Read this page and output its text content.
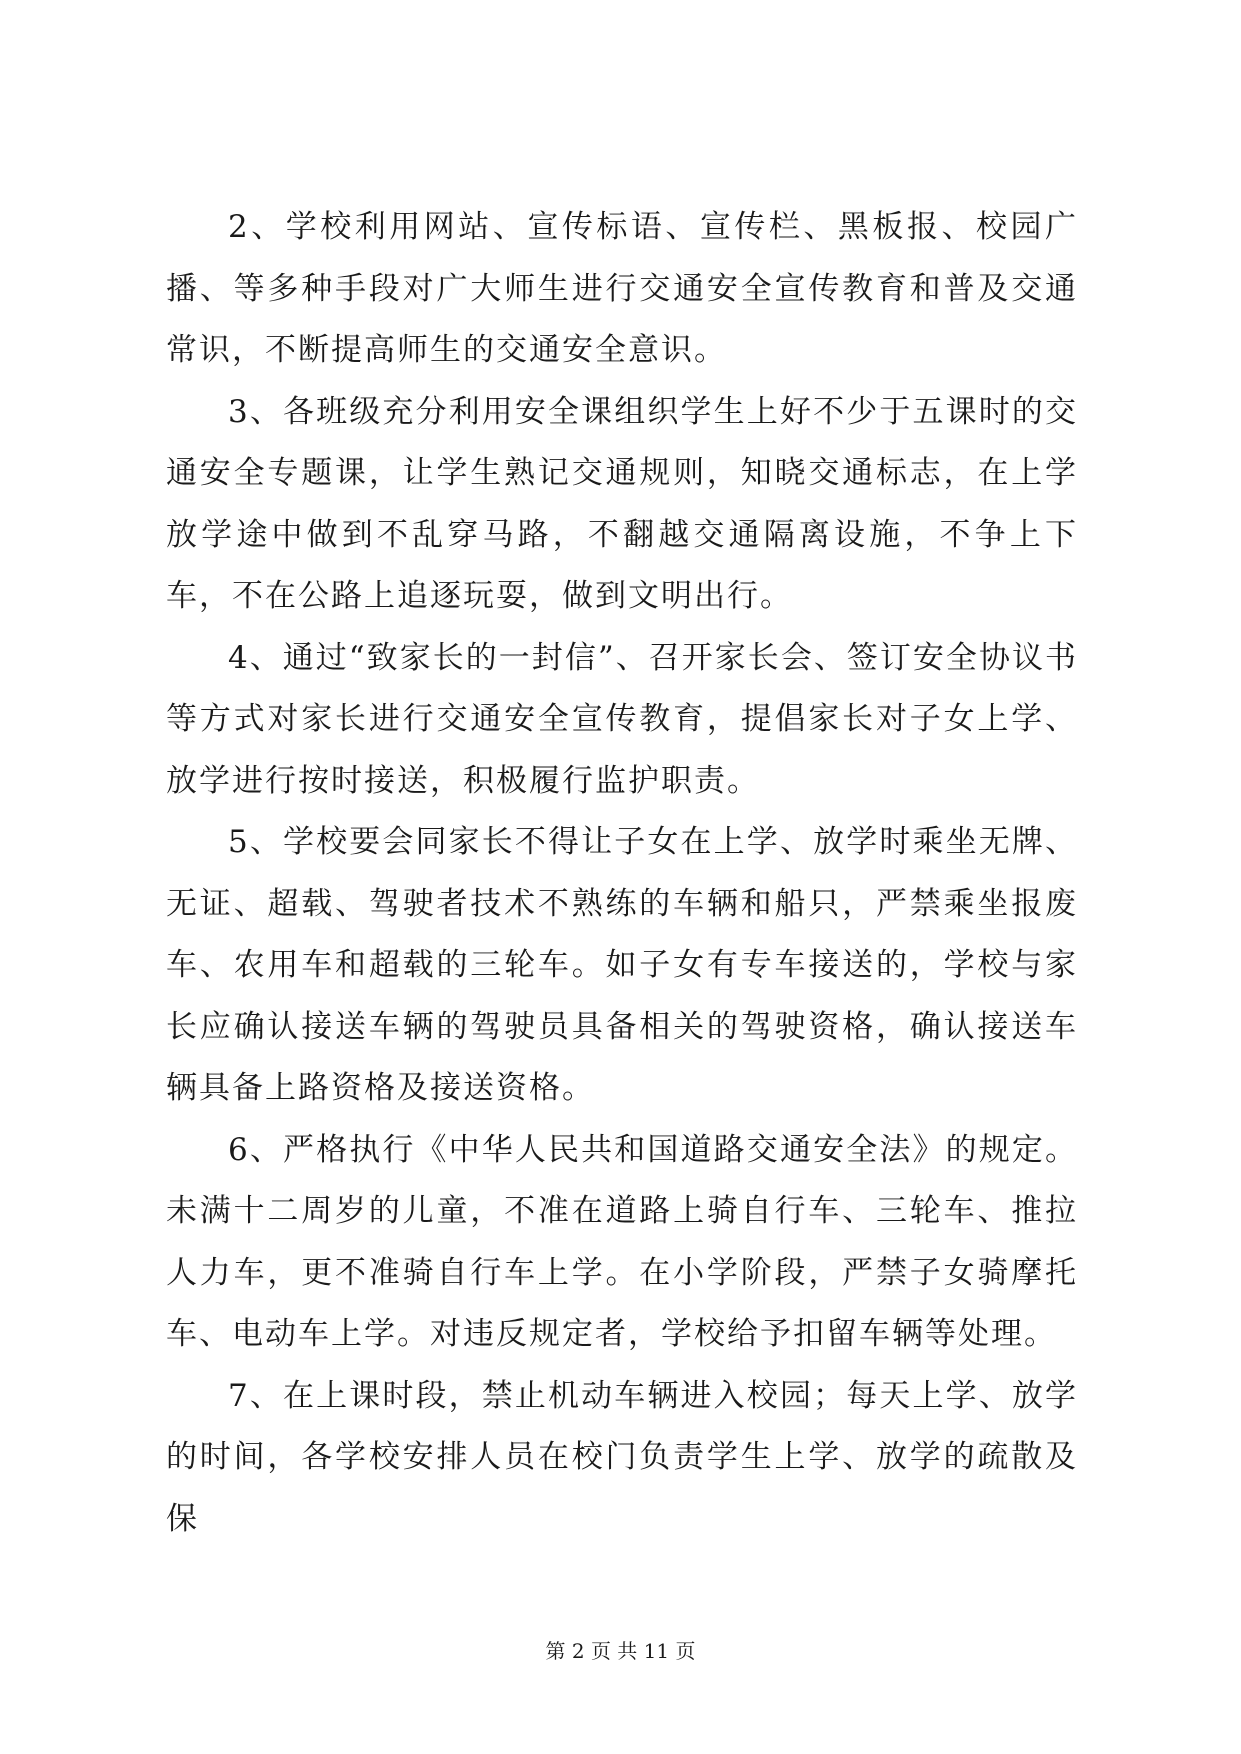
2、学校利用网站、宣传标语、宣传栏、黑板报、校园广播、等多种手段对广大师生进行交通安全宣传教育和普及交通常识，不断提高师生的交通安全意识。

3、各班级充分利用安全课组织学生上好不少于五课时的交通安全专题课，让学生熟记交通规则，知晓交通标志，在上学放学途中做到不乱穿马路，不翻越交通隔离设施，不争上下车，不在公路上追逐玩耍，做到文明出行。

4、通过“致家长的一封信”、召开家长会、签订安全协议书等方式对家长进行交通安全宣传教育，提倡家长对子女上学、放学进行按时接送，积极履行监护职责。

5、学校要会同家长不得让子女在上学、放学时乘坐无牌、无证、超载、驾驶者技术不熟练的车辆和船只，严禁乘坐报废车、农用车和超载的三轮车。如子女有专车接送的，学校与家长应确认接送车辆的驾驶员具备相关的驾驶资格，确认接送车辆具备上路资格及接送资格。

6、严格执行《中华人民共和国道路交通安全法》的规定。未满十二周岁的儿童，不准在道路上骑自行车、三轮车、推拉人力车，更不准骑自行车上学。在小学阶段，严禁子女骑摩托车、电动车上学。对违反规定者，学校给予扣留车辆等处理。

7、在上课时段，禁止机动车辆进入校园；每天上学、放学的时间，各学校安排人员在校门负责学生上学、放学的疏散及保

第 2 页 共 11 页
